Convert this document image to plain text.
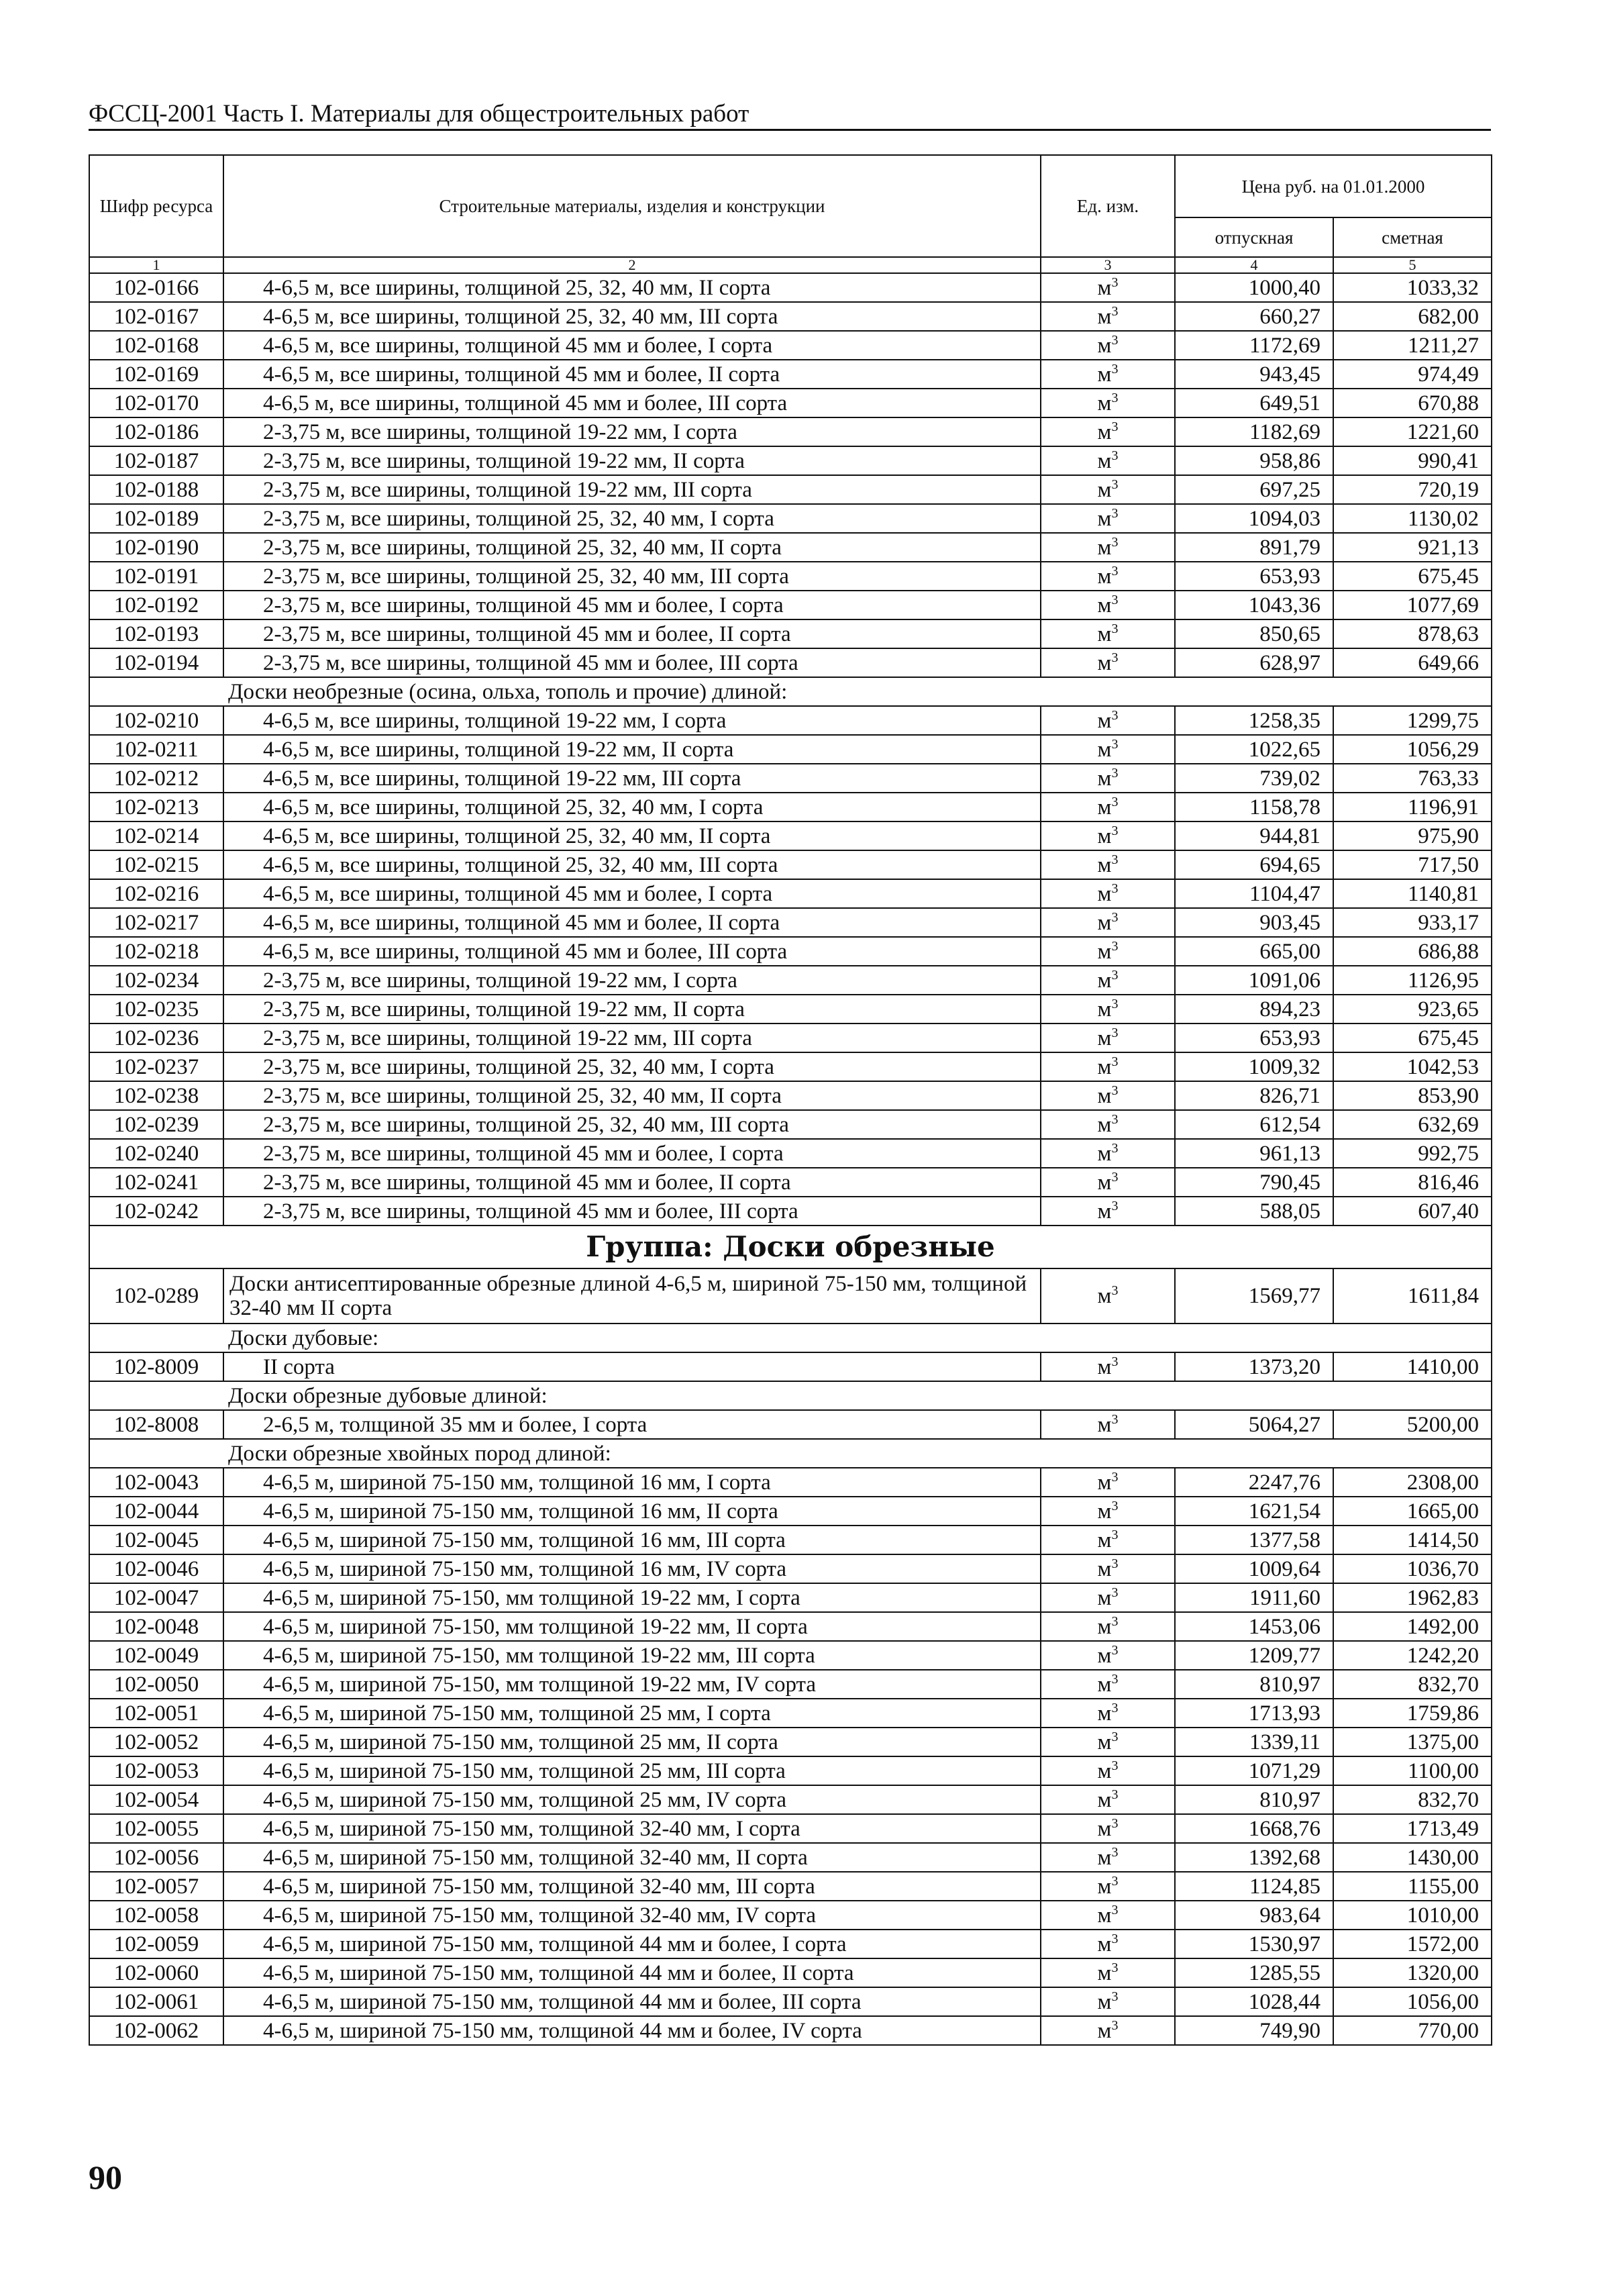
ФССЦ-2001 Часть I. Материалы для общестроительных работ
Шифр ресурса	Строительные материалы, изделия и конструкции	Ед. изм.	Цена руб. на 01.01.2000	
			отпускная	сметная
1	2	3	4	5
102-0166	4-6,5 м, все ширины, толщиной 25, 32, 40 мм, II сорта	$м^3$	1000,40	1033,32
102-0167	4-6,5 м, все ширины, толщиной 25, 32, 40 мм, III сорта	$м^3$	660,27	682,00
102-0168	4-6,5 м, все ширины, толщиной 45 мм и более, I сорта	$м^3$	1172,69	1211,27
102-0169	4-6,5 м, все ширины, толщиной 45 мм и более, II сорта	$м^3$	943,45	974,49
102-0170	4-6,5 м, все ширины, толщиной 45 мм и более, III сорта	$м^3$	649,51	670,88
102-0186	2-3,75 м, все ширины, толщиной 19-22 мм, I сорта	$м^3$	1182,69	1221,60
102-0187	2-3,75 м, все ширины, толщиной 19-22 мм, II сорта	$м^3$	958,86	990,41
102-0188	2-3,75 м, все ширины, толщиной 19-22 мм, III сорта	$м^3$	697,25	720,19
102-0189	2-3,75 м, все ширины, толщиной 25, 32, 40 мм, I сорта	$м^3$	1094,03	1130,02
102-0190	2-3,75 м, все ширины, толщиной 25, 32, 40 мм, II сорта	$м^3$	891,79	921,13
102-0191	2-3,75 м, все ширины, толщиной 25, 32, 40 мм, III сорта	$м^3$	653,93	675,45
102-0192	2-3,75 м, все ширины, толщиной 45 мм и более, I сорта	$м^3$	1043,36	1077,69
102-0193	2-3,75 м, все ширины, толщиной 45 мм и более, II сорта	$м^3$	850,65	878,63
102-0194	2-3,75 м, все ширины, толщиной 45 мм и более, III сорта	$м^3$	628,97	649,66
Доски необрезные (осина, ольха, тополь и прочие) длиной:				
102-0210	4-6,5 м, все ширины, толщиной 19-22 мм, I сорта	$м^3$	1258,35	1299,75
102-0211	4-6,5 м, все ширины, толщиной 19-22 мм, II сорта	$м^3$	1022,65	1056,29
102-0212	4-6,5 м, все ширины, толщиной 19-22 мм, III сорта	$м^3$	739,02	763,33
102-0213	4-6,5 м, все ширины, толщиной 25, 32, 40 мм, I сорта	$м^3$	1158,78	1196,91
102-0214	4-6,5 м, все ширины, толщиной 25, 32, 40 мм, II сорта	$м^3$	944,81	975,90
102-0215	4-6,5 м, все ширины, толщиной 25, 32, 40 мм, III сорта	$м^3$	694,65	717,50
102-0216	4-6,5 м, все ширины, толщиной 45 мм и более, I сорта	$м^3$	1104,47	1140,81
102-0217	4-6,5 м, все ширины, толщиной 45 мм и более, II сорта	$м^3$	903,45	933,17
102-0218	4-6,5 м, все ширины, толщиной 45 мм и более, III сорта	$м^3$	665,00	686,88
102-0234	2-3,75 м, все ширины, толщиной 19-22 мм, I сорта	$м^3$	1091,06	1126,95
102-0235	2-3,75 м, все ширины, толщиной 19-22 мм, II сорта	$м^3$	894,23	923,65
102-0236	2-3,75 м, все ширины, толщиной 19-22 мм, III сорта	$м^3$	653,93	675,45
102-0237	2-3,75 м, все ширины, толщиной 25, 32, 40 мм, I сорта	$м^3$	1009,32	1042,53
102-0238	2-3,75 м, все ширины, толщиной 25, 32, 40 мм, II сорта	$м^3$	826,71	853,90
102-0239	2-3,75 м, все ширины, толщиной 25, 32, 40 мм, III сорта	$м^3$	612,54	632,69
102-0240	2-3,75 м, все ширины, толщиной 45 мм и более, I сорта	$м^3$	961,13	992,75
102-0241	2-3,75 м, все ширины, толщиной 45 мм и более, II сорта	$м^3$	790,45	816,46
102-0242	2-3,75 м, все ширины, толщиной 45 мм и более, III сорта	$м^3$	588,05	607,40
Группа: Доски обрезные				
102-0289	Доски антисептированные обрезные длиной 4-6,5 м, шириной 75-150 мм, толщиной 32-40 мм II сорта	$м^3$	1569,77	1611,84
Доски дубовые:				
102-8009	II сорта	$м^3$	1373,20	1410,00
Доски обрезные дубовые длиной:				
102-8008	2-6,5 м, толщиной 35 мм и более, I сорта	$м^3$	5064,27	5200,00
Доски обрезные хвойных пород длиной:				
102-0043	4-6,5 м, шириной 75-150 мм, толщиной 16 мм, I сорта	$м^3$	2247,76	2308,00
102-0044	4-6,5 м, шириной 75-150 мм, толщиной 16 мм, II сорта	$м^3$	1621,54	1665,00
102-0045	4-6,5 м, шириной 75-150 мм, толщиной 16 мм, III сорта	$м^3$	1377,58	1414,50
102-0046	4-6,5 м, шириной 75-150 мм, толщиной 16 мм, IV сорта	$м^3$	1009,64	1036,70
102-0047	4-6,5 м, шириной 75-150, мм толщиной 19-22 мм, I сорта	$м^3$	1911,60	1962,83
102-0048	4-6,5 м, шириной 75-150, мм толщиной 19-22 мм, II сорта	$м^3$	1453,06	1492,00
102-0049	4-6,5 м, шириной 75-150, мм толщиной 19-22 мм, III сорта	$м^3$	1209,77	1242,20
102-0050	4-6,5 м, шириной 75-150, мм толщиной 19-22 мм, IV сорта	$м^3$	810,97	832,70
102-0051	4-6,5 м, шириной 75-150 мм, толщиной 25 мм, I сорта	$м^3$	1713,93	1759,86
102-0052	4-6,5 м, шириной 75-150 мм, толщиной 25 мм, II сорта	$м^3$	1339,11	1375,00
102-0053	4-6,5 м, шириной 75-150 мм, толщиной 25 мм, III сорта	$м^3$	1071,29	1100,00
102-0054	4-6,5 м, шириной 75-150 мм, толщиной 25 мм, IV сорта	$м^3$	810,97	832,70
102-0055	4-6,5 м, шириной 75-150 мм, толщиной 32-40 мм, I сорта	$м^3$	1668,76	1713,49
102-0056	4-6,5 м, шириной 75-150 мм, толщиной 32-40 мм, II сорта	$м^3$	1392,68	1430,00
102-0057	4-6,5 м, шириной 75-150 мм, толщиной 32-40 мм, III сорта	$м^3$	1124,85	1155,00
102-0058	4-6,5 м, шириной 75-150 мм, толщиной 32-40 мм, IV сорта	$м^3$	983,64	1010,00
102-0059	4-6,5 м, шириной 75-150 мм, толщиной 44 мм и более, I сорта	$м^3$	1530,97	1572,00
102-0060	4-6,5 м, шириной 75-150 мм, толщиной 44 мм и более, II сорта	$м^3$	1285,55	1320,00
102-0061	4-6,5 м, шириной 75-150 мм, толщиной 44 мм и более, III сорта	$м^3$	1028,44	1056,00
102-0062	4-6,5 м, шириной 75-150 мм, толщиной 44 мм и более, IV сорта	$м^3$	749,90	770,00
90
